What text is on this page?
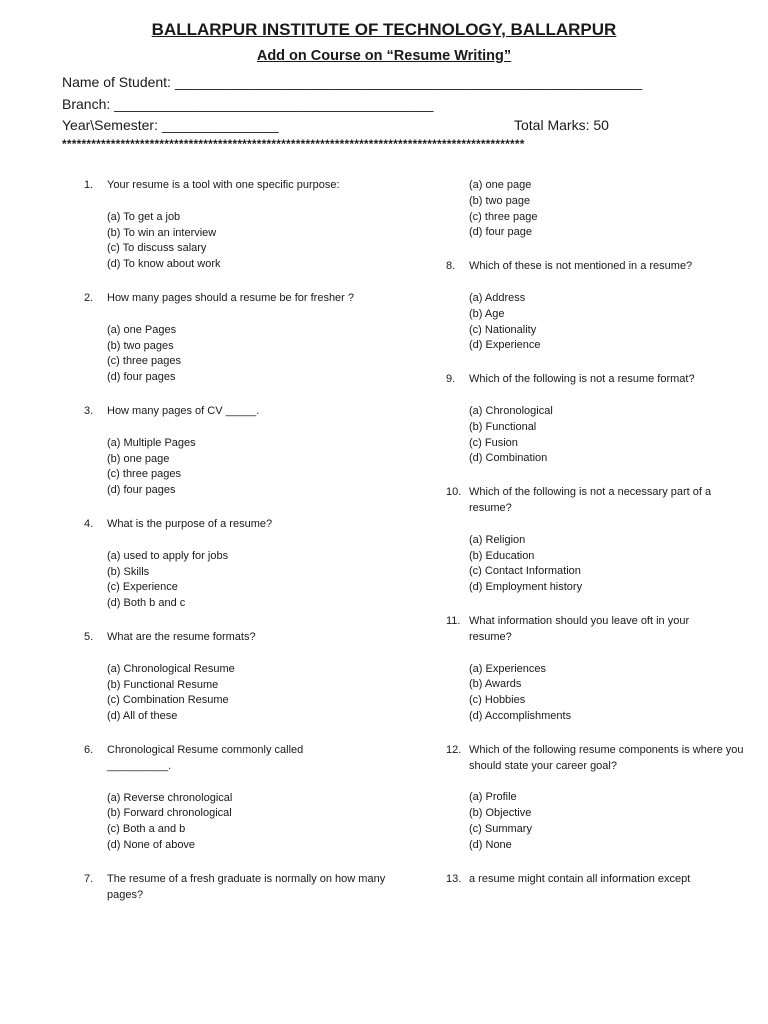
BALLARPUR INSTITUTE OF TECHNOLOGY, BALLARPUR
Add on Course on “Resume Writing”
Name of Student: ____________________________________________________________
Branch: _________________________________________
Year\Semester: _______________	Total Marks: 50
***********************************************************************************************
1. Your resume is a tool with one specific purpose:
(a) To get a job
(b) To win an interview
(c) To discuss salary
(d) To know about work
2. How many pages should a resume be for fresher ?
(a) one Pages
(b) two pages
(c) three pages
(d) four pages
3. How many pages of CV _____.
(a) Multiple Pages
(b) one page
(c) three pages
(d) four pages
4. What is the purpose of a resume?
(a) used to apply for jobs
(b) Skills
(c) Experience
(d) Both b and c
5. What are the resume formats?
(a) Chronological Resume
(b) Functional Resume
(c) Combination Resume
(d) All of these
6. Chronological Resume commonly called __________.
(a) Reverse chronological
(b) Forward chronological
(c) Both a and b
(d) None of above
7. The resume of a fresh graduate is normally on how many pages?
(a) one page
(b) two page
(c) three page
(d) four page
8. Which of these is not mentioned in a resume?
(a) Address
(b) Age
(c) Nationality
(d) Experience
9. Which of the following is not a resume format?
(a) Chronological
(b) Functional
(c) Fusion
(d) Combination
10. Which of the following is not a necessary part of a resume?
(a) Religion
(b) Education
(c) Contact Information
(d) Employment history
11. What information should you leave oft in your resume?
(a) Experiences
(b) Awards
(c) Hobbies
(d) Accomplishments
12. Which of the following resume components is where you should state your career goal?
(a) Profile
(b) Objective
(c) Summary
(d) None
13. a resume might contain all information except
